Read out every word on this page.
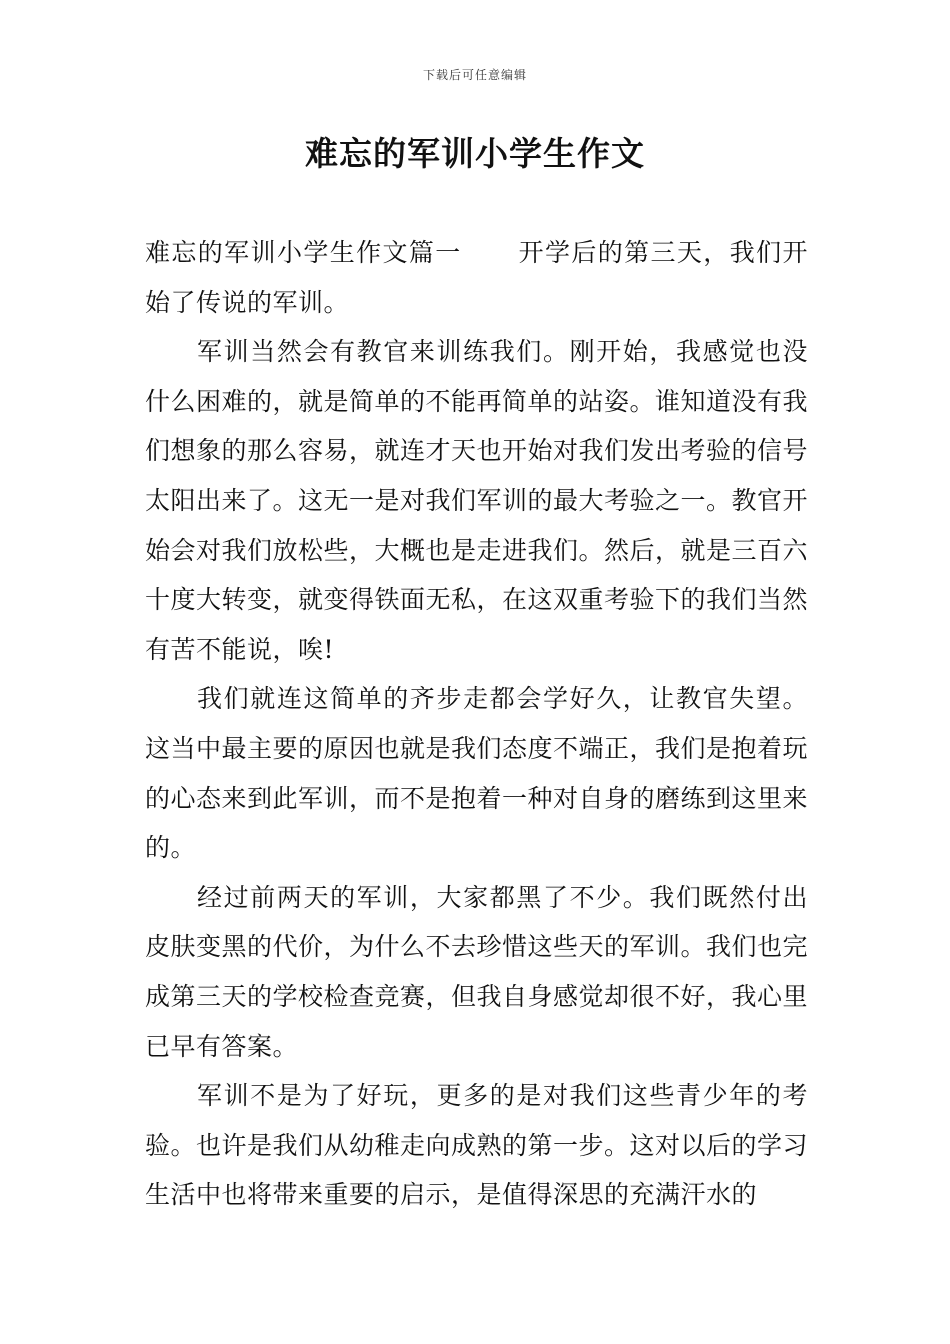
下载后可任意编辑
难忘的军训小学生作文

难忘的军训小学生作文篇一 开学后的第三天，我们开始了传说的军训。

军训当然会有教官来训练我们。刚开始，我感觉也没什么困难的，就是简单的不能再简单的站姿。谁知道没有我们想象的那么容易，就连才天也开始对我们发出考验的信号太阳出来了。这无一是对我们军训的最大考验之一。教官开始会对我们放松些，大概也是走进我们。然后，就是三百六十度大转变，就变得铁面无私，在这双重考验下的我们当然有苦不能说，唉!

我们就连这简单的齐步走都会学好久，让教官失望。这当中最主要的原因也就是我们态度不端正，我们是抱着玩的心态来到此军训，而不是抱着一种对自身的磨练到这里来的。

经过前两天的军训，大家都黑了不少。我们既然付出皮肤变黑的代价，为什么不去珍惜这些天的军训。我们也完成第三天的学校检查竞赛，但我自身感觉却很不好，我心里已早有答案。

军训不是为了好玩，更多的是对我们这些青少年的考验。也许是我们从幼稚走向成熟的第一步。这对以后的学习生活中也将带来重要的启示，是值得深思的充满汗水的
